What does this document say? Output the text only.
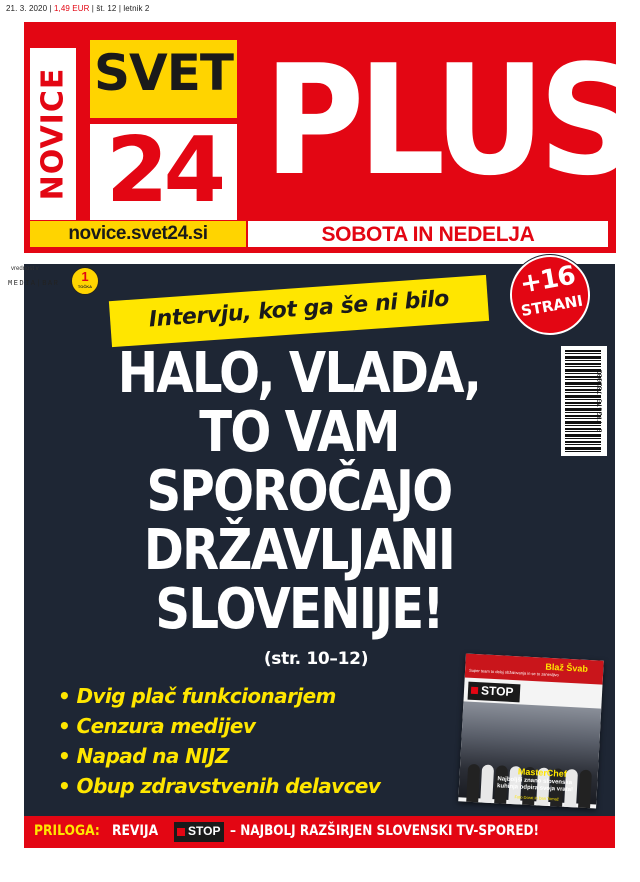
21. 3. 2020 | 1,49 EUR | št. 12 | letnik 2
NOVICE SVET
24
novice.svet24.si
PLUS
SOBOTA IN NEDELJA
vrednost v
MEDIA|BAR	1
TOČKA
Intervju, kot ga še ni bilo
+16
STRANI
9 772670 702003
HALO, VLADA,
TO VAM
SPOROČAJO
DRŽAVLJANI
SLOVENIJE!
(str. 10–12)
• Dvig plač funkcionarjem
• Cenzura medijev
• Napad na NIJZ
• Obup zdravstvenih delavcev
Blaž Švab
Super team to delaj obžalovanja in se to zanesljivo
STOP
MasterChef
Najboljši znano slovenska kuhinja odpira svoja vrata!
Foto Dorat in Dan Tomaž
PRILOGA: REVIJA STOP – NAJBOLJ RAZŠIRJEN SLOVENSKI TV-SPORED!
